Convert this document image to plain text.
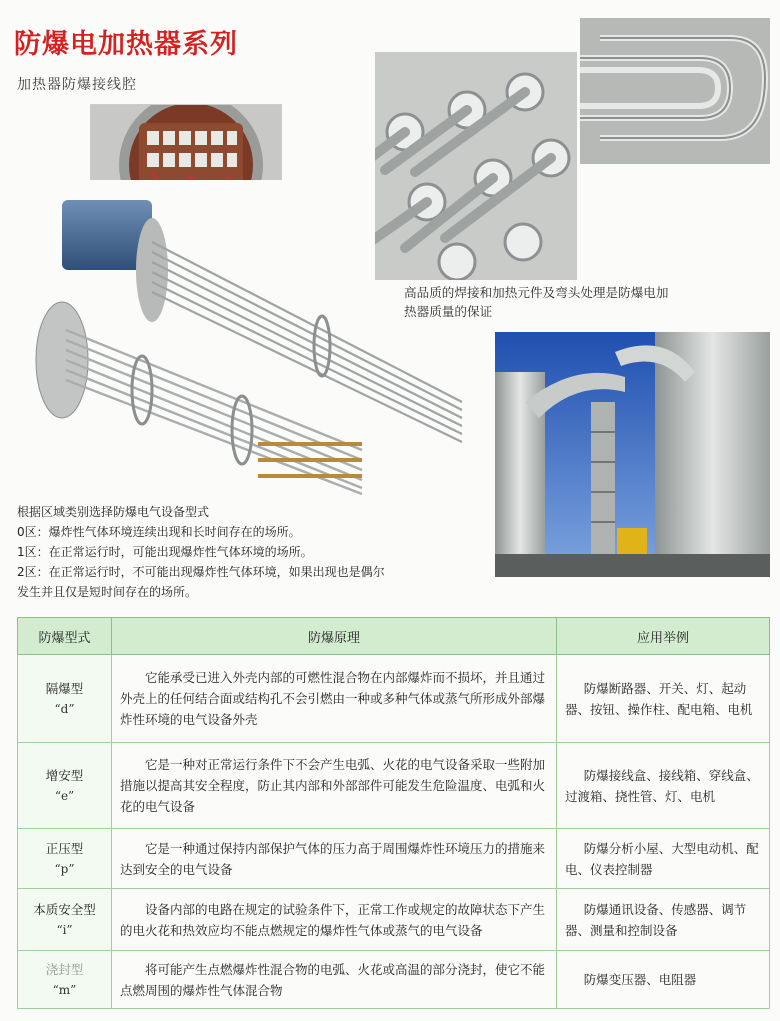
防爆电加热器系列
加热器防爆接线腔
高品质的焊接和加热元件及弯头处理是防爆电加热器质量的保证

根据区域类别选择防爆电气设备型式

0区：爆炸性气体环境连续出现和长时间存在的场所。

1区：在正常运行时，可能出现爆炸性气体环境的场所。

2区：在正常运行时，不可能出现爆炸性气体环境，如果出现也是偶尔发生并且仅是短时间存在的场所。

防爆型式	防爆原理	应用举例
隔爆型
“d”	它能承受已进入外壳内部的可燃性混合物在内部爆炸而不损坏，并且通过外壳上的任何结合面或结构孔不会引燃由一种或多种气体或蒸气所形成外部爆炸性环境的电气设备外壳	防爆断路器、开关、灯、起动器、按钮、操作柱、配电箱、电机
增安型
“e”	它是一种对正常运行条件下不会产生电弧、火花的电气设备采取一些附加措施以提高其安全程度，防止其内部和外部部件可能发生危险温度、电弧和火花的电气设备	防爆接线盒、接线箱、穿线盒、过渡箱、挠性管、灯、电机
正压型
“p”	它是一种通过保持内部保护气体的压力高于周围爆炸性环境压力的措施来达到安全的电气设备	防爆分析小屋、大型电动机、配电、仪表控制器
本质安全型
“i”	设备内部的电路在规定的试验条件下，正常工作或规定的故障状态下产生的电火花和热效应均不能点燃规定的爆炸性气体或蒸气的电气设备	防爆通讯设备、传感器、调节器、测量和控制设备
浇封型
“m”	将可能产生点燃爆炸性混合物的电弧、火花或高温的部分浇封，使它不能点燃周围的爆炸性气体混合物	防爆变压器、电阻器
